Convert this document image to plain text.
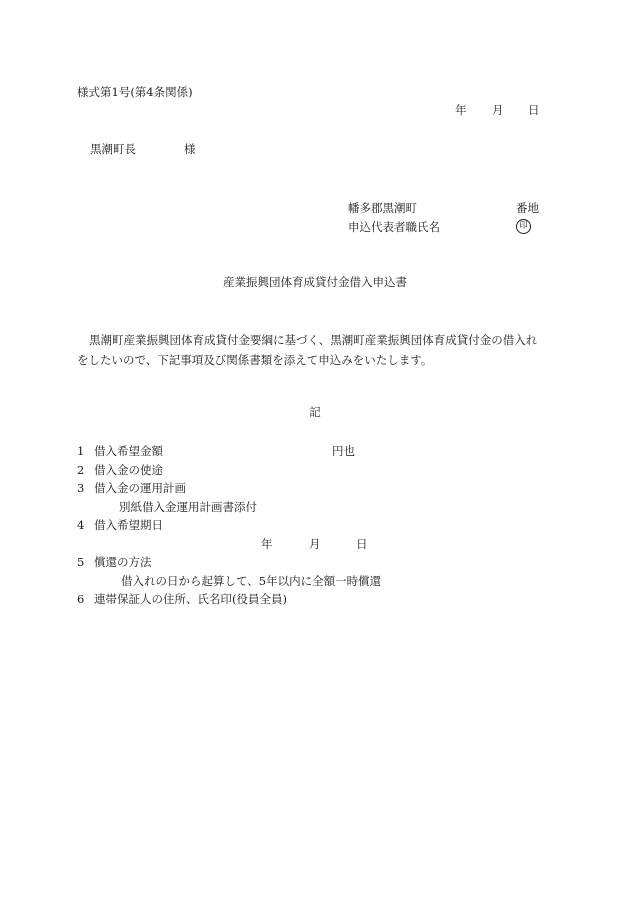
様式第1号(第4条関係)
年	月	日
黒潮町長	様
幡多郡黒潮町	番地
申込代表者職氏名	印
産業振興団体育成貸付金借入申込書
黒潮町産業振興団体育成貸付金要綱に基づく、黒潮町産業振興団体育成貸付金の借入れ
をしたいので、下記事項及び関係書類を添えて申込みをいたします。
記
1 借入希望金額	円也
2 借入金の使途
3 借入金の運用計画
別紙借入金運用計画書添付
4 借入希望期日
年	月	日
5 償還の方法
借入れの日から起算して、5年以内に全額一時償還
6 連帯保証人の住所、氏名印(役員全員)
